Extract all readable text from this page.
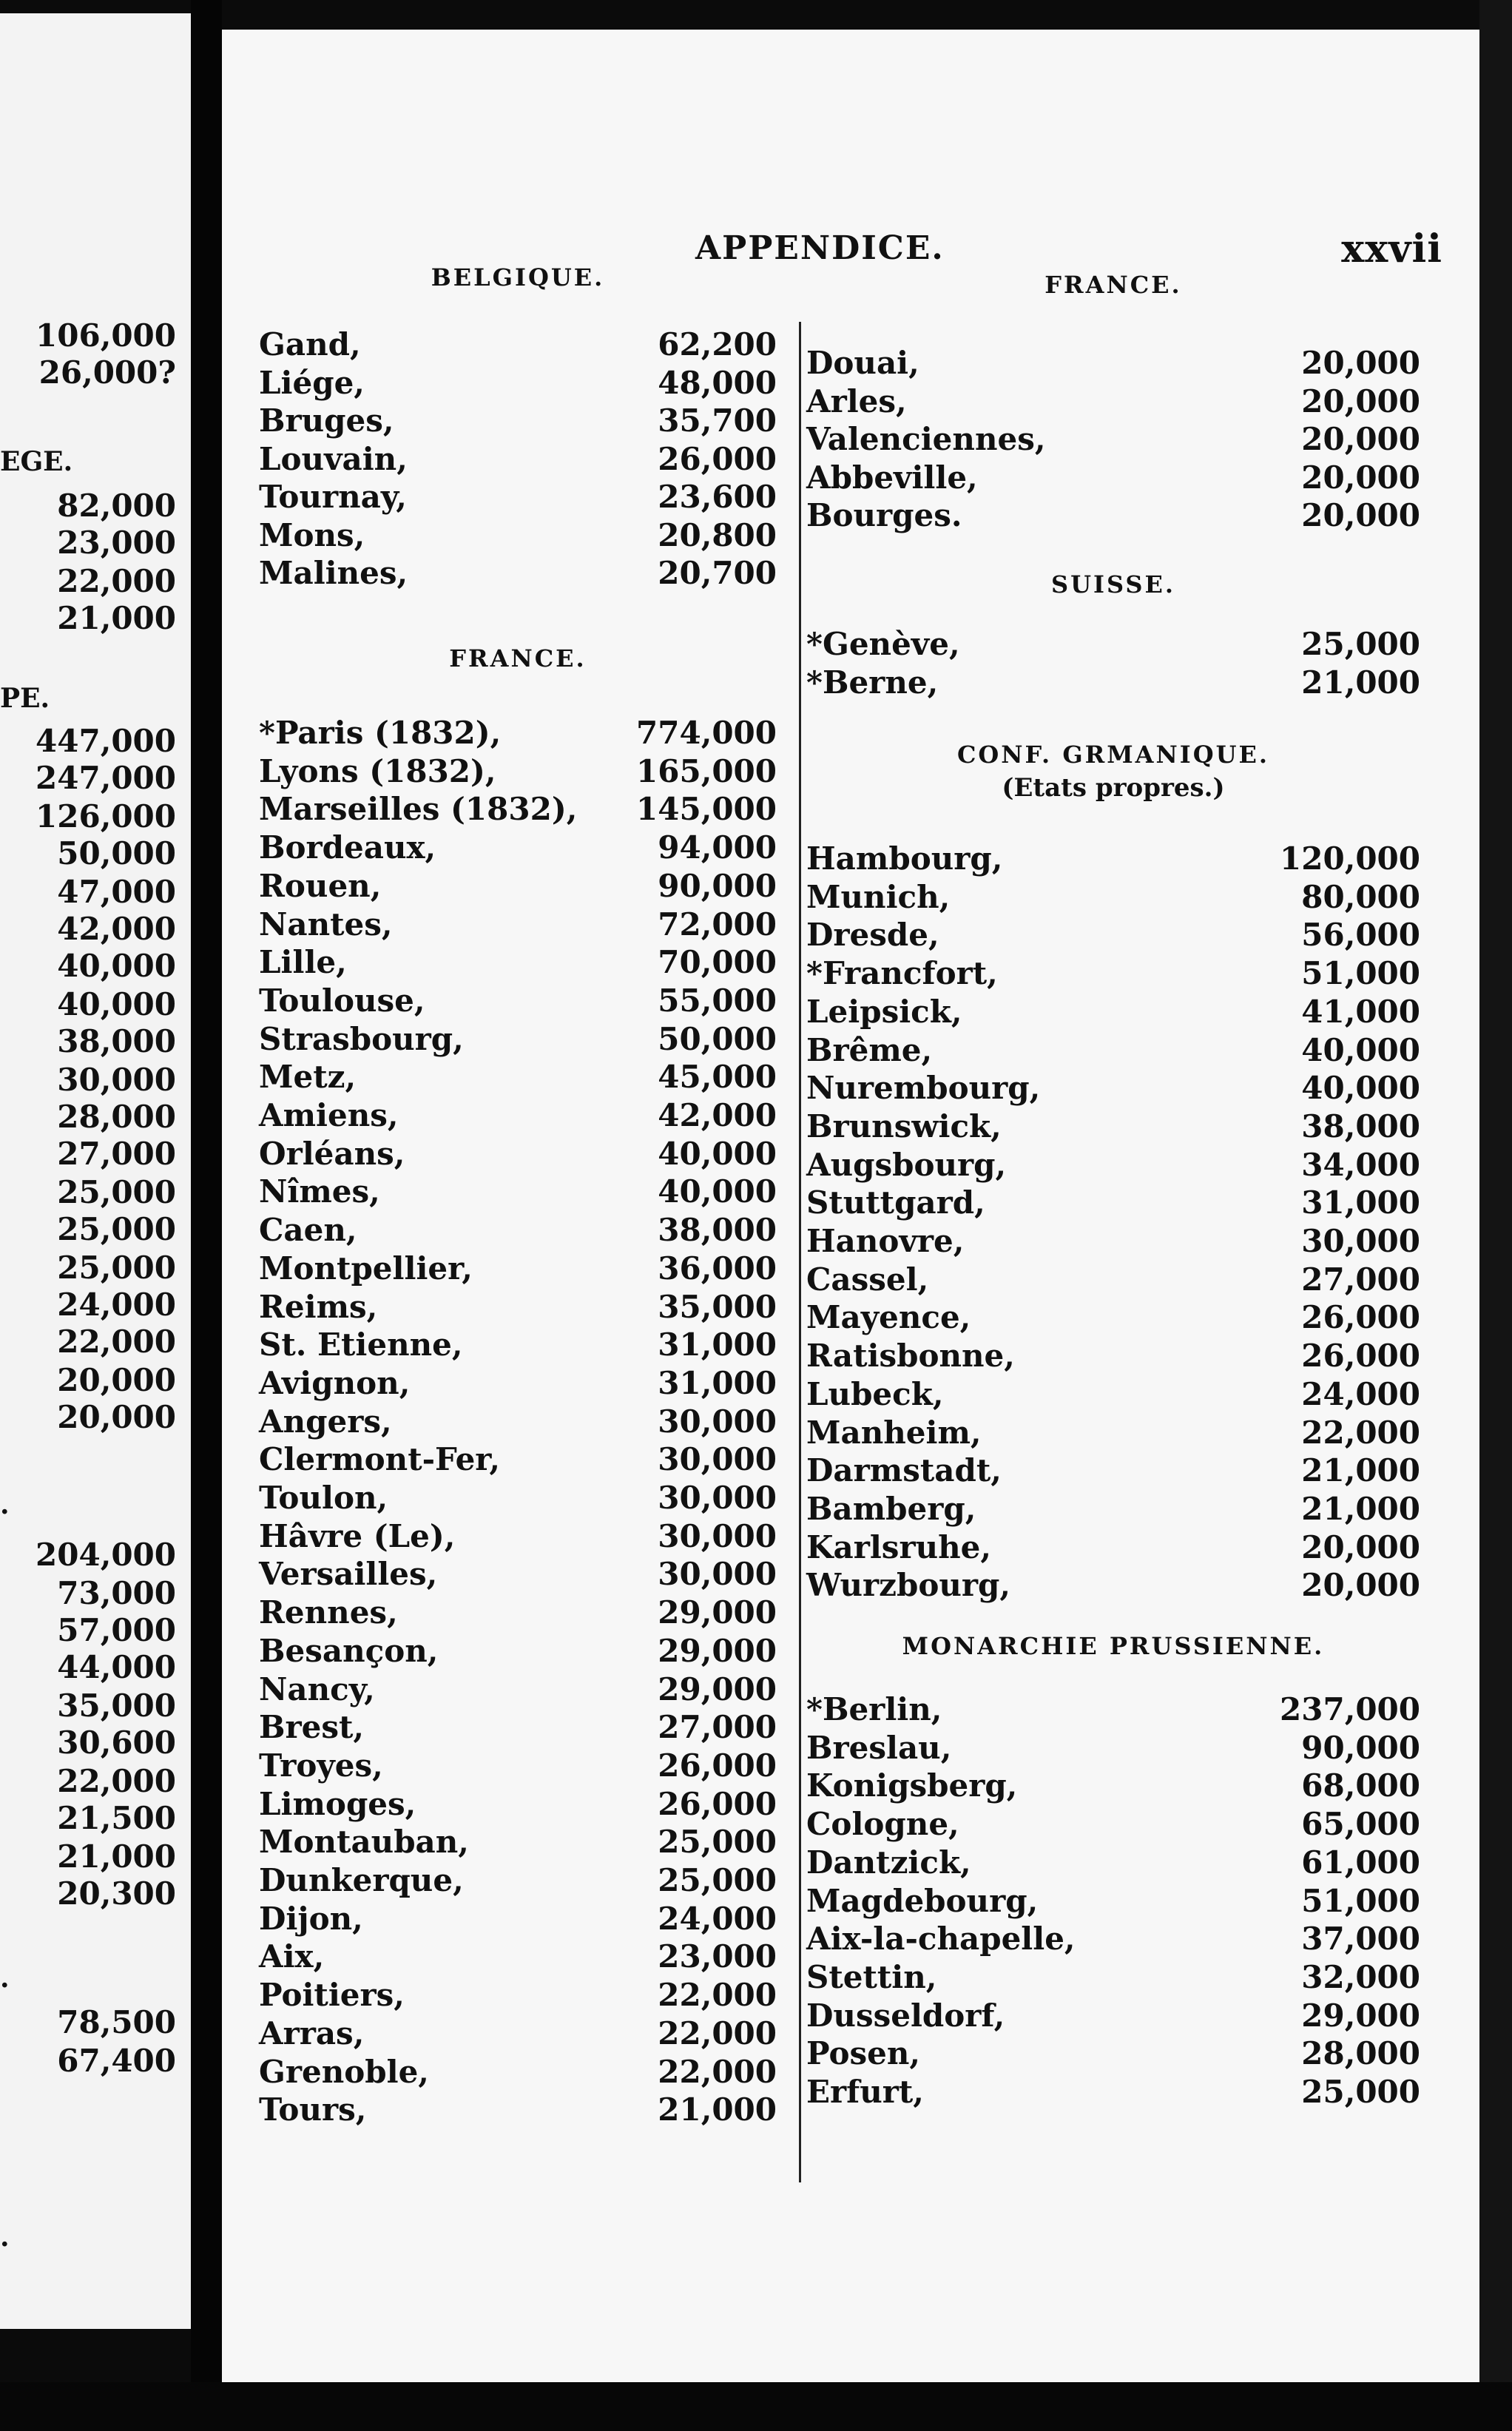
106,000
26,000?
82,000
23,000
22,000
21,000
447,000
247,000
126,000
50,000
47,000
42,000
40,000
40,000
38,000
30,000
28,000
27,000
25,000
25,000
25,000
24,000
22,000
20,000
20,000
204,000
73,000
57,000
44,000
35,000
30,600
22,000
21,500
21,000
20,300
78,500
67,400
EGE.
PE.
.
.
.
APPENDICE.	xxvii
BELGIQUE.
Gand,	62,200
Liége,	48,000
Bruges,	35,700
Louvain,	26,000
Tournay,	23,600
Mons,	20,800
Malines,	20,700
FRANCE.
*Paris (1832),	774,000
Lyons (1832),	165,000
Marseilles (1832), 145,000
Bordeaux,	94,000
Rouen,	90,000
Nantes,	72,000
Lille,	70,000
Toulouse,	55,000
Strasbourg,	50,000
Metz,	45,000
Amiens,	42,000
Orléans,	40,000
Nîmes,	40,000
Caen,	38,000
Montpellier,	36,000
Reims,	35,000
St. Etienne,	31,000
Avignon,	31,000
Angers,	30,000
Clermont-Fer,	30,000
Toulon,	30,000
Hâvre (Le),	30,000
Versailles,	30,000
Rennes,	29,000
Besançon,	29,000
Nancy,	29,000
Brest,	27,000
Troyes,	26,000
Limoges,	26,000
Montauban,	25,000
Dunkerque,	25,000
Dijon,	24,000
Aix,	23,000
Poitiers,	22,000
Arras,	22,000
Grenoble,	22,000
Tours,	21,000
FRANCE.
Douai,	20,000
Arles,	20,000
Valenciennes,	20,000
Abbeville,	20,000
Bourges.	20,000
SUISSE.
*Genève,	25,000
*Berne,	21,000
CONF. GRMANIQUE.
(Etats propres.)
Hambourg,	120,000
Munich,	80,000
Dresde,	56,000
*Francfort,	51,000
Leipsick,	41,000
Brême,	40,000
Nurembourg,	40,000
Brunswick,	38,000
Augsbourg,	34,000
Stuttgard,	31,000
Hanovre,	30,000
Cassel,	27,000
Mayence,	26,000
Ratisbonne,	26,000
Lubeck,	24,000
Manheim,	22,000
Darmstadt,	21,000
Bamberg,	21,000
Karlsruhe,	20,000
Wurzbourg,	20,000
MONARCHIE PRUSSIENNE.
*Berlin,	237,000
Breslau,	90,000
Konigsberg,	68,000
Cologne,	65,000
Dantzick,	61,000
Magdebourg,	51,000
Aix-la-chapelle,	37,000
Stettin,	32,000
Dusseldorf,	29,000
Posen,	28,000
Erfurt,	25,000
